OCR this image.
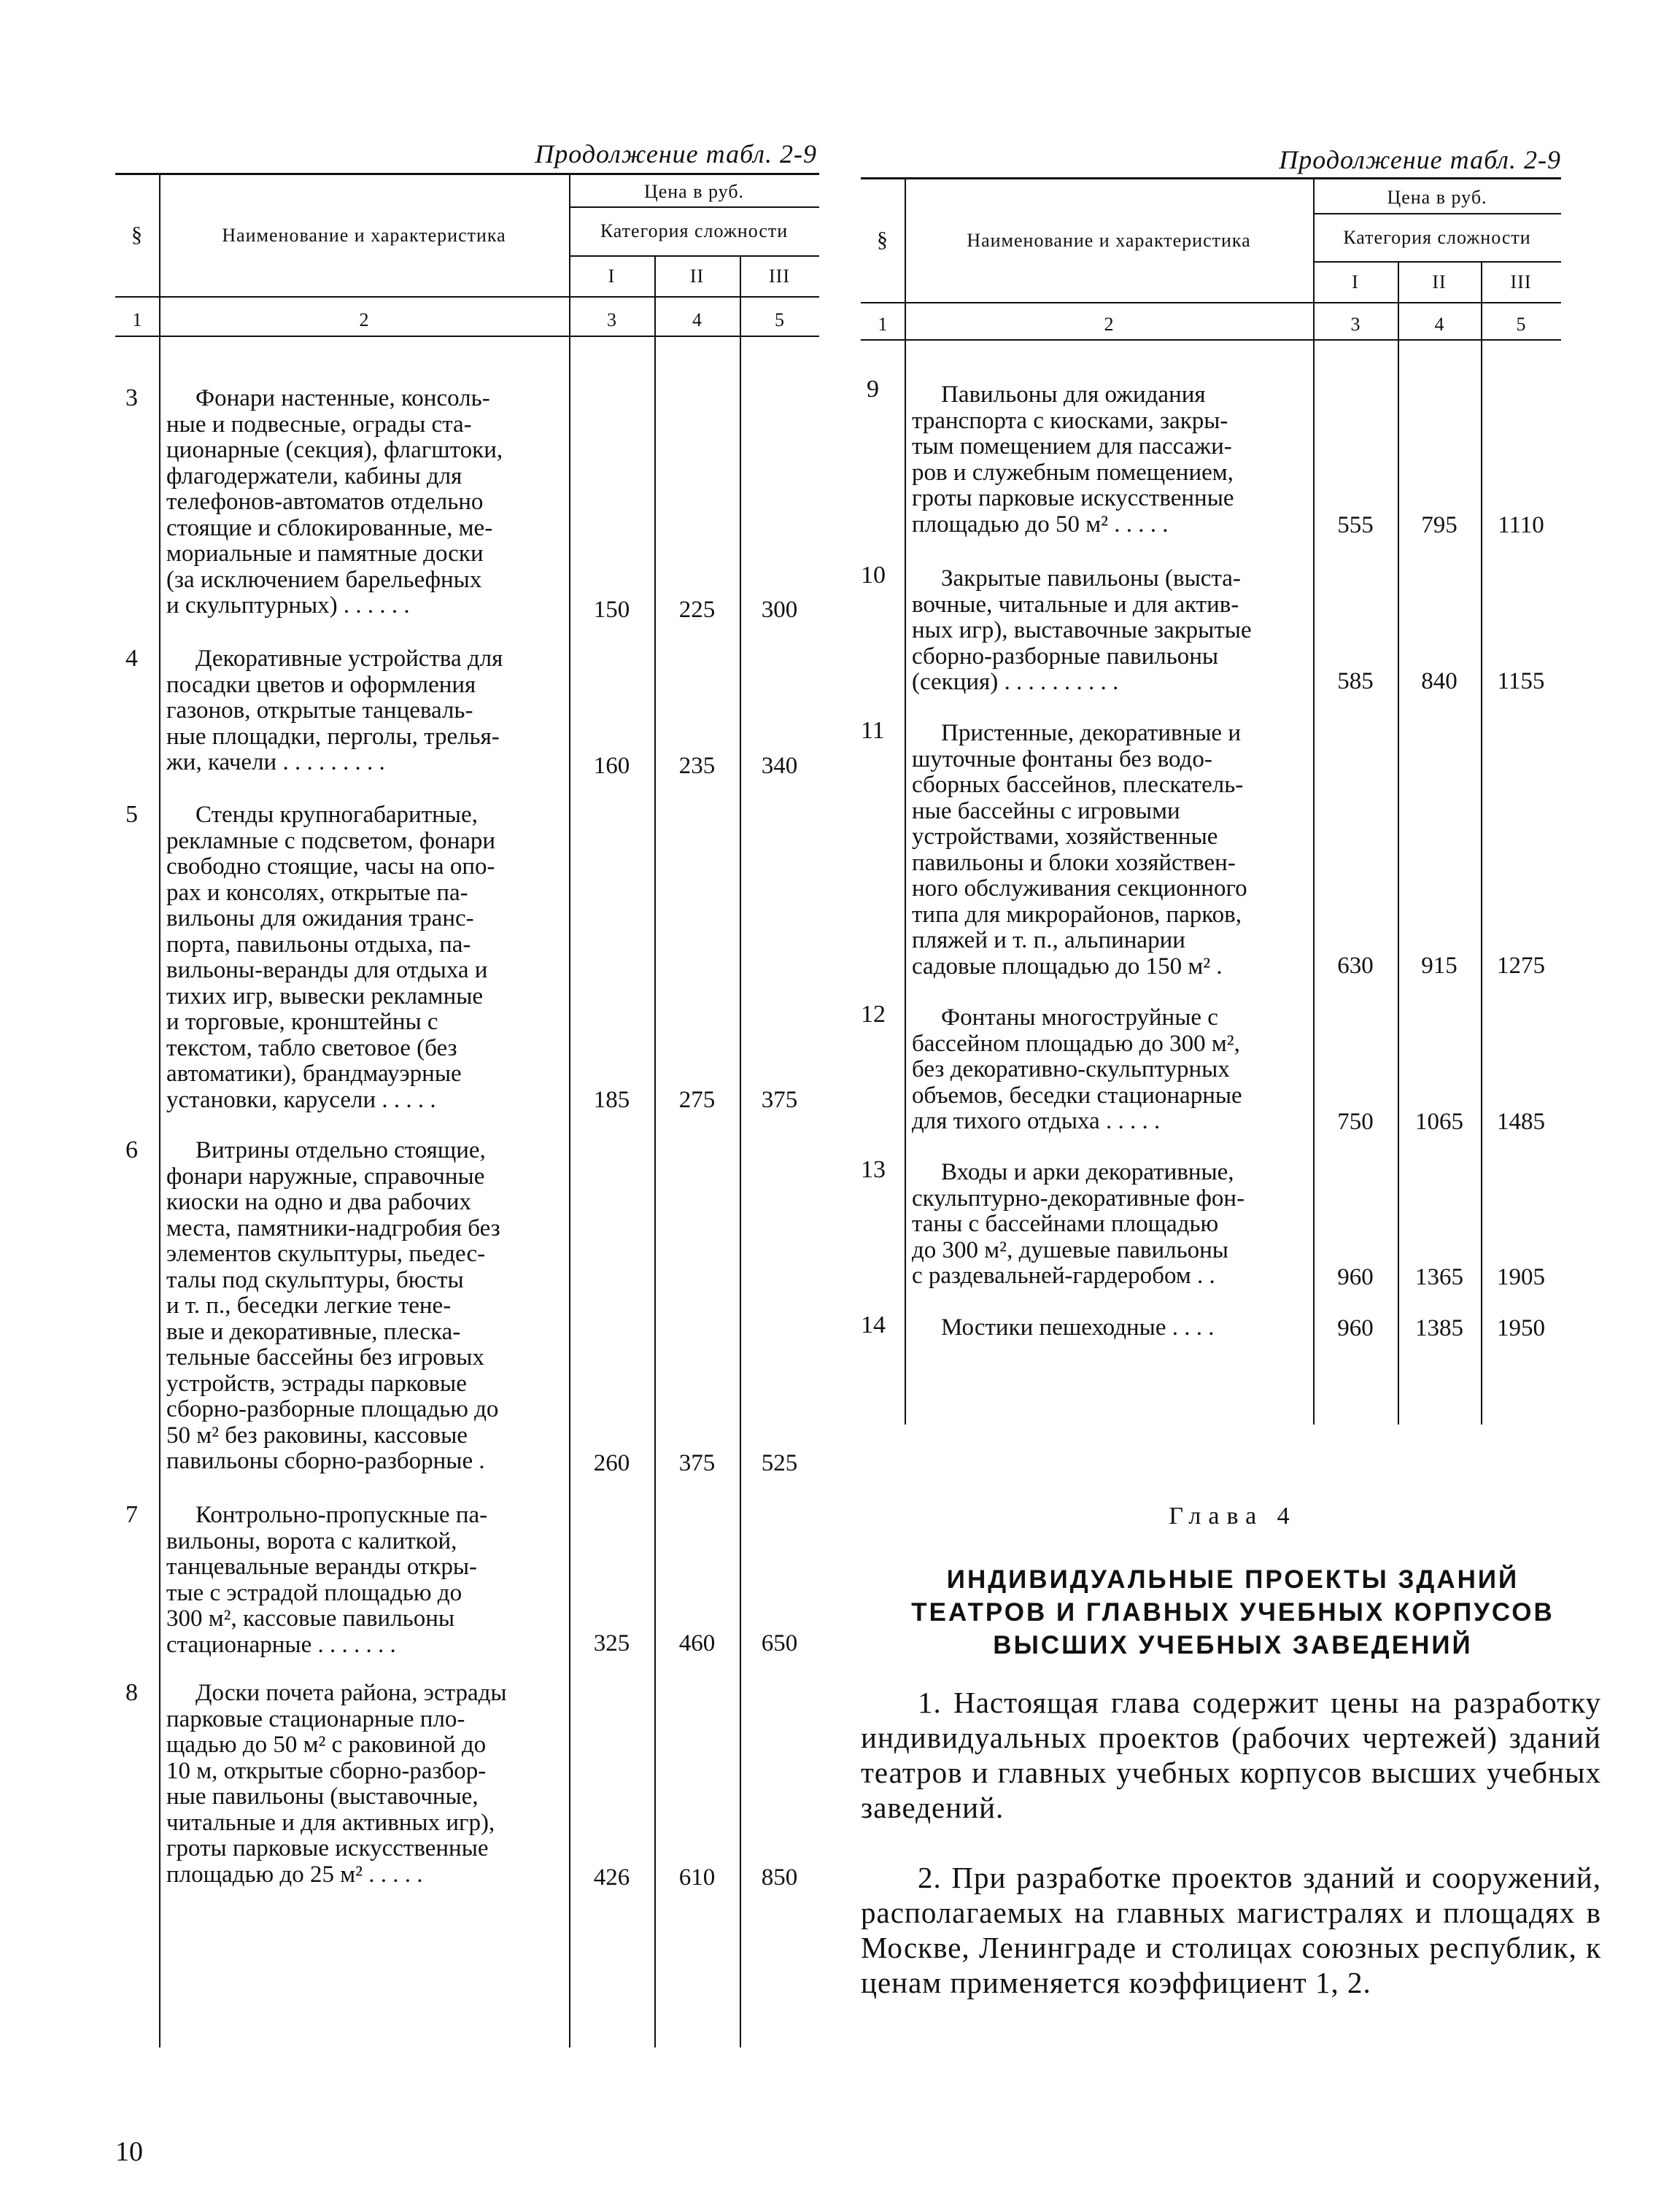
Продолжение табл. 2-9
§	Наименование и характеристика
Цена в руб.
Категория сложности
I	II	III
1	2	3	4	5
3	Фонари настенные, консоль-
ные и подвесные, ограды ста-
ционарные (секция), флагштоки,
флагодержатели, кабины для
телефонов-автоматов отдельно
стоящие и сблокированные, ме-
мориальные и памятные доски
(за исключением барельефных
и скульптурных) . . . . . .	150	225	300
4	Декоративные устройства для
посадки цветов и оформления
газонов, открытые танцеваль-
ные площадки, перголы, трелья-
жи, качели . . . . . . . . .	160	235	340
5	Стенды крупногабаритные,
рекламные с подсветом, фонари
свободно стоящие, часы на опо-
рах и консолях, открытые па-
вильоны для ожидания транс-
порта, павильоны отдыха, па-
вильоны-веранды для отдыха и
тихих игр, вывески рекламные
и торговые, кронштейны с
текстом, табло световое (без
автоматики), брандмауэрные
установки, карусели . . . . .	185	275	375
6	Витрины отдельно стоящие,
фонари наружные, справочные
киоски на одно и два рабочих
места, памятники-надгробия без
элементов скульптуры, пьедес-
талы под скульптуры, бюсты
и т. п., беседки легкие тене-
вые и декоративные, плеска-
тельные бассейны без игровых
устройств, эстрады парковые
сборно-разборные площадью до
50 м² без раковины, кассовые
павильоны сборно-разборные .	260	375	525
7	Контрольно-пропускные па-
вильоны, ворота с калиткой,
танцевальные веранды откры-
тые с эстрадой площадью до
300 м², кассовые павильоны
стационарные . . . . . . .	325	460	650
8	Доски почета района, эстрады
парковые стационарные пло-
щадью до 50 м² с раковиной до
10 м, открытые сборно-разбор-
ные павильоны (выставочные,
читальные и для активных игр),
гроты парковые искусственные
площадью до 25 м² . . . . .	426	610	850
Продолжение табл. 2-9
§	Наименование и характеристика
Цена в руб.
Категория сложности
I	II	III
1	2	3	4	5
9	Павильоны для ожидания
транспорта с киосками, закры-
тым помещением для пассажи-
ров и служебным помещением,
гроты парковые искусственные
площадью до 50 м² . . . . .	555	795	1110
10	Закрытые павильоны (выста-
вочные, читальные и для актив-
ных игр), выставочные закрытые
сборно-разборные павильоны
(секция) . . . . . . . . . .	585	840	1155
11	Пристенные, декоративные и
шуточные фонтаны без водо-
сборных бассейнов, плескатель-
ные бассейны с игровыми
устройствами, хозяйственные
павильоны и блоки хозяйствен-
ного обслуживания секционного
типа для микрорайонов, парков,
пляжей и т. п., альпинарии
садовые площадью до 150 м² .	630	915	1275
12	Фонтаны многоструйные с
бассейном площадью до 300 м²,
без декоративно-скульптурных
объемов, беседки стационарные
для тихого отдыха . . . . .	750	1065	1485
13	Входы и арки декоративные,
скульптурно-декоративные фон-
таны с бассейнами площадью
до 300 м², душевые павильоны
с раздевальней-гардеробом . .	960	1365	1905
14	Мостики пешеходные . . . .	960	1385	1950
Глава 4
ИНДИВИДУАЛЬНЫЕ ПРОЕКТЫ ЗДАНИЙ
ТЕАТРОВ И ГЛАВНЫХ УЧЕБНЫХ КОРПУСОВ
ВЫСШИХ УЧЕБНЫХ ЗАВЕДЕНИЙ
1. Настоящая глава содержит цены на разработку индивидуальных проектов (рабочих чертежей) зданий театров и главных учебных корпусов высших учебных заведений.
2. При разработке проектов зданий и сооружений, располагаемых на главных магистралях и площадях в Москве, Ленинграде и столицах союзных республик, к ценам применяется коэффициент 1, 2.
10
